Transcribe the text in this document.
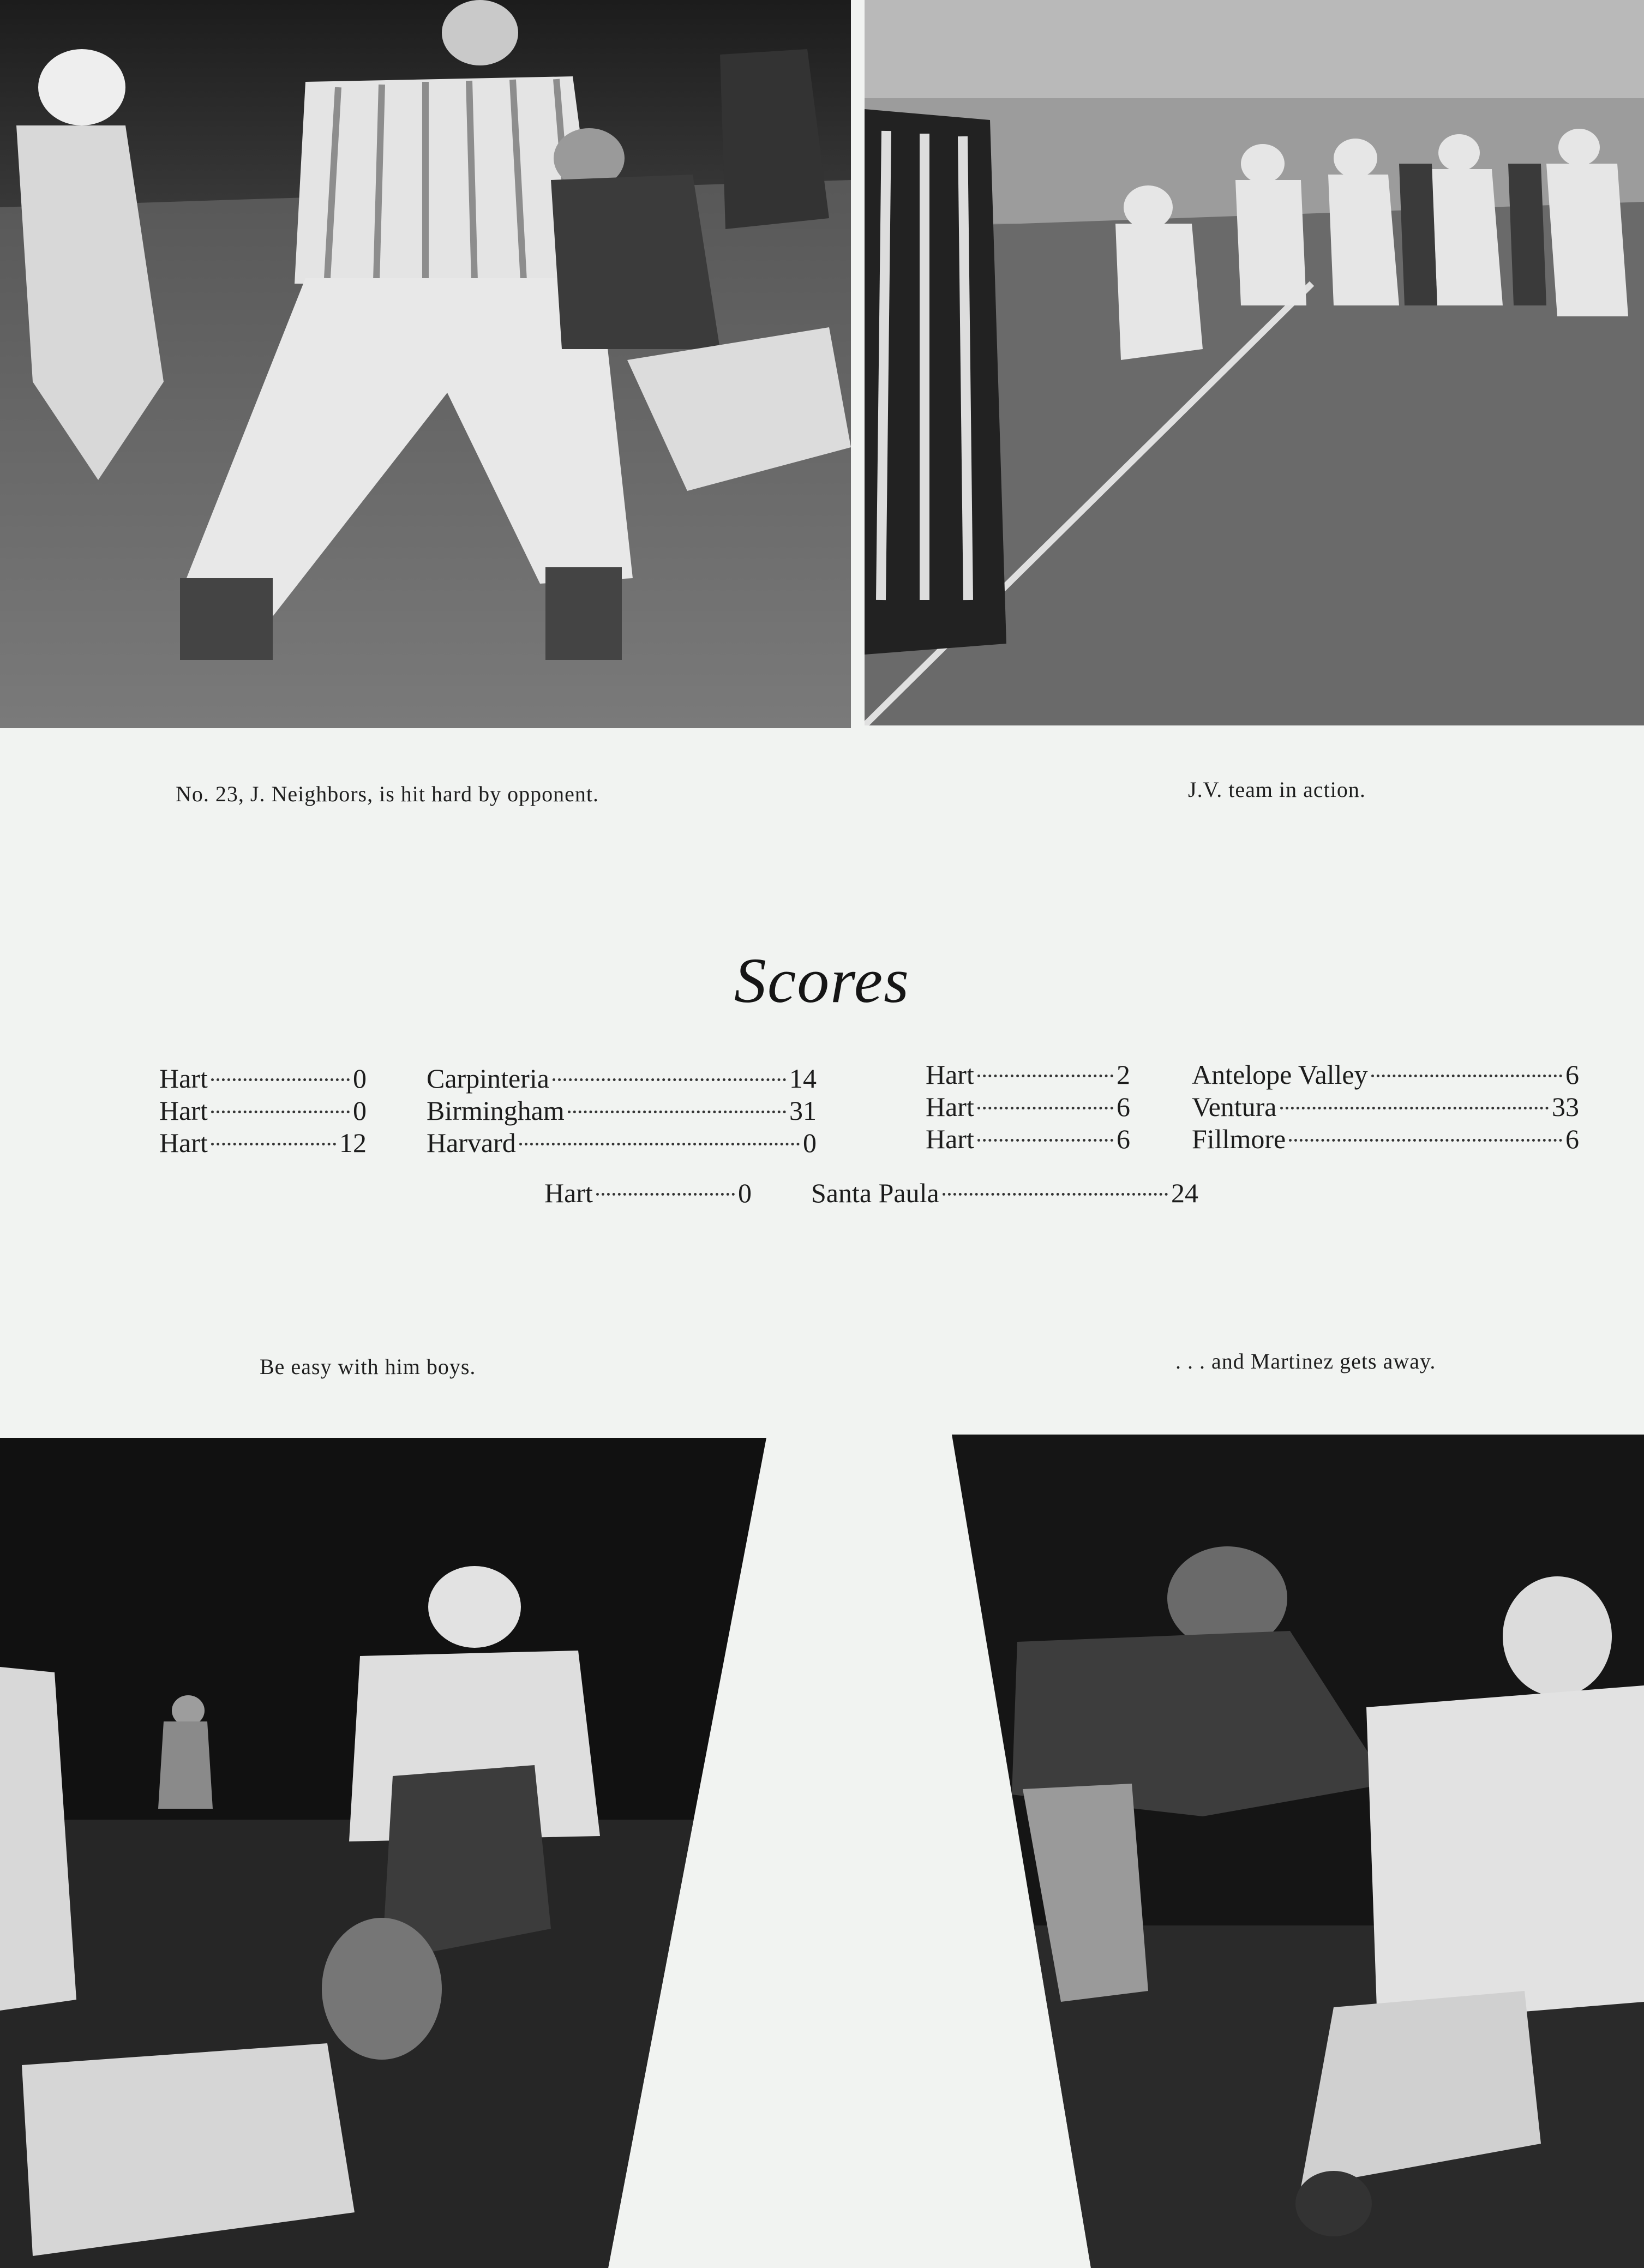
No. 23, J. Neighbors, is hit hard by opponent.	J.V. team in action.
Scores
Hart	0 Carpinteria	14
Hart	0 Birmingham	31
Hart	12 Harvard	0
Hart	2 Antelope Valley	6
Hart	6 Ventura	33
Hart	6 Fillmore	6
Hart	0 Santa Paula	24
Be easy with him boys.	. . . and Martinez gets away.
